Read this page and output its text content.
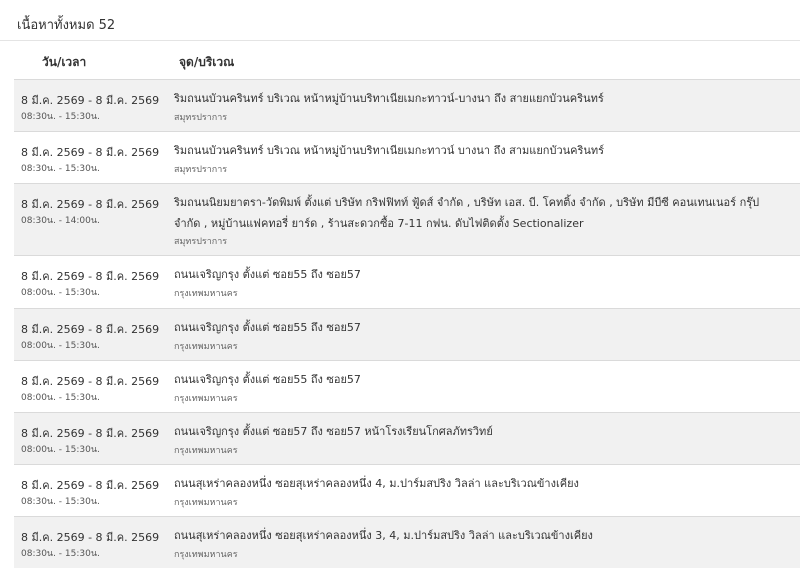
เนื้อหาทั้งหมด 52
วัน/เวลา	จุด/บริเวณ
8 มี.ค. 2569 - 8 มี.ค. 2569
08:30น. - 15:30น.
ริมถนนบัวนครินทร์ บริเวณ หน้าหมู่บ้านบริทาเนียเมกะทาวน์-บางนา ถึง สายแยกบัวนครินทร์
สมุทรปราการ
8 มี.ค. 2569 - 8 มี.ค. 2569
08:30น. - 15:30น.
ริมถนนบัวนครินทร์ บริเวณ หน้าหมู่บ้านบริทาเนียเมกะทาวน์ บางนา ถึง สามแยกบัวนครินทร์
สมุทรปราการ
8 มี.ค. 2569 - 8 มี.ค. 2569
08:30น. - 14:00น.
ริมถนนนิยมยาตรา-วัดพิมพ์ ตั้งแต่ บริษัท กริฟฟิทท์ ฟู้ดส์ จำกัด , บริษัท เอส. บี. โคทติ้ง จำกัด , บริษัท มีบีซี คอนเทนเนอร์ กรุ๊ป จำกัด , หมู่บ้านแฟคทอรี่ ยาร์ด , ร้านสะดวกซื้อ 7-11 กฟน. ดับไฟติดตั้ง Sectionalizer
สมุทรปราการ
8 มี.ค. 2569 - 8 มี.ค. 2569
08:00น. - 15:30น.
ถนนเจริญกรุง ตั้งแต่ ซอย55 ถึง ซอย57
กรุงเทพมหานคร
8 มี.ค. 2569 - 8 มี.ค. 2569
08:00น. - 15:30น.
ถนนเจริญกรุง ตั้งแต่ ซอย55 ถึง ซอย57
กรุงเทพมหานคร
8 มี.ค. 2569 - 8 มี.ค. 2569
08:00น. - 15:30น.
ถนนเจริญกรุง ตั้งแต่ ซอย55 ถึง ซอย57
กรุงเทพมหานคร
8 มี.ค. 2569 - 8 มี.ค. 2569
08:00น. - 15:30น.
ถนนเจริญกรุง ตั้งแต่ ซอย57 ถึง ซอย57 หน้าโรงเรียนโกศลภัทรวิทย์
กรุงเทพมหานคร
8 มี.ค. 2569 - 8 มี.ค. 2569
08:30น. - 15:30น.
ถนนสุเหร่าคลองหนึ่ง ซอยสุเหร่าคลองหนึ่ง 4, ม.ปาร์มสปริง วิลล่า และบริเวณข้างเคียง
กรุงเทพมหานคร
8 มี.ค. 2569 - 8 มี.ค. 2569
08:30น. - 15:30น.
ถนนสุเหร่าคลองหนึ่ง ซอยสุเหร่าคลองหนึ่ง 3, 4, ม.ปาร์มสปริง วิลล่า และบริเวณข้างเคียง
กรุงเทพมหานคร
